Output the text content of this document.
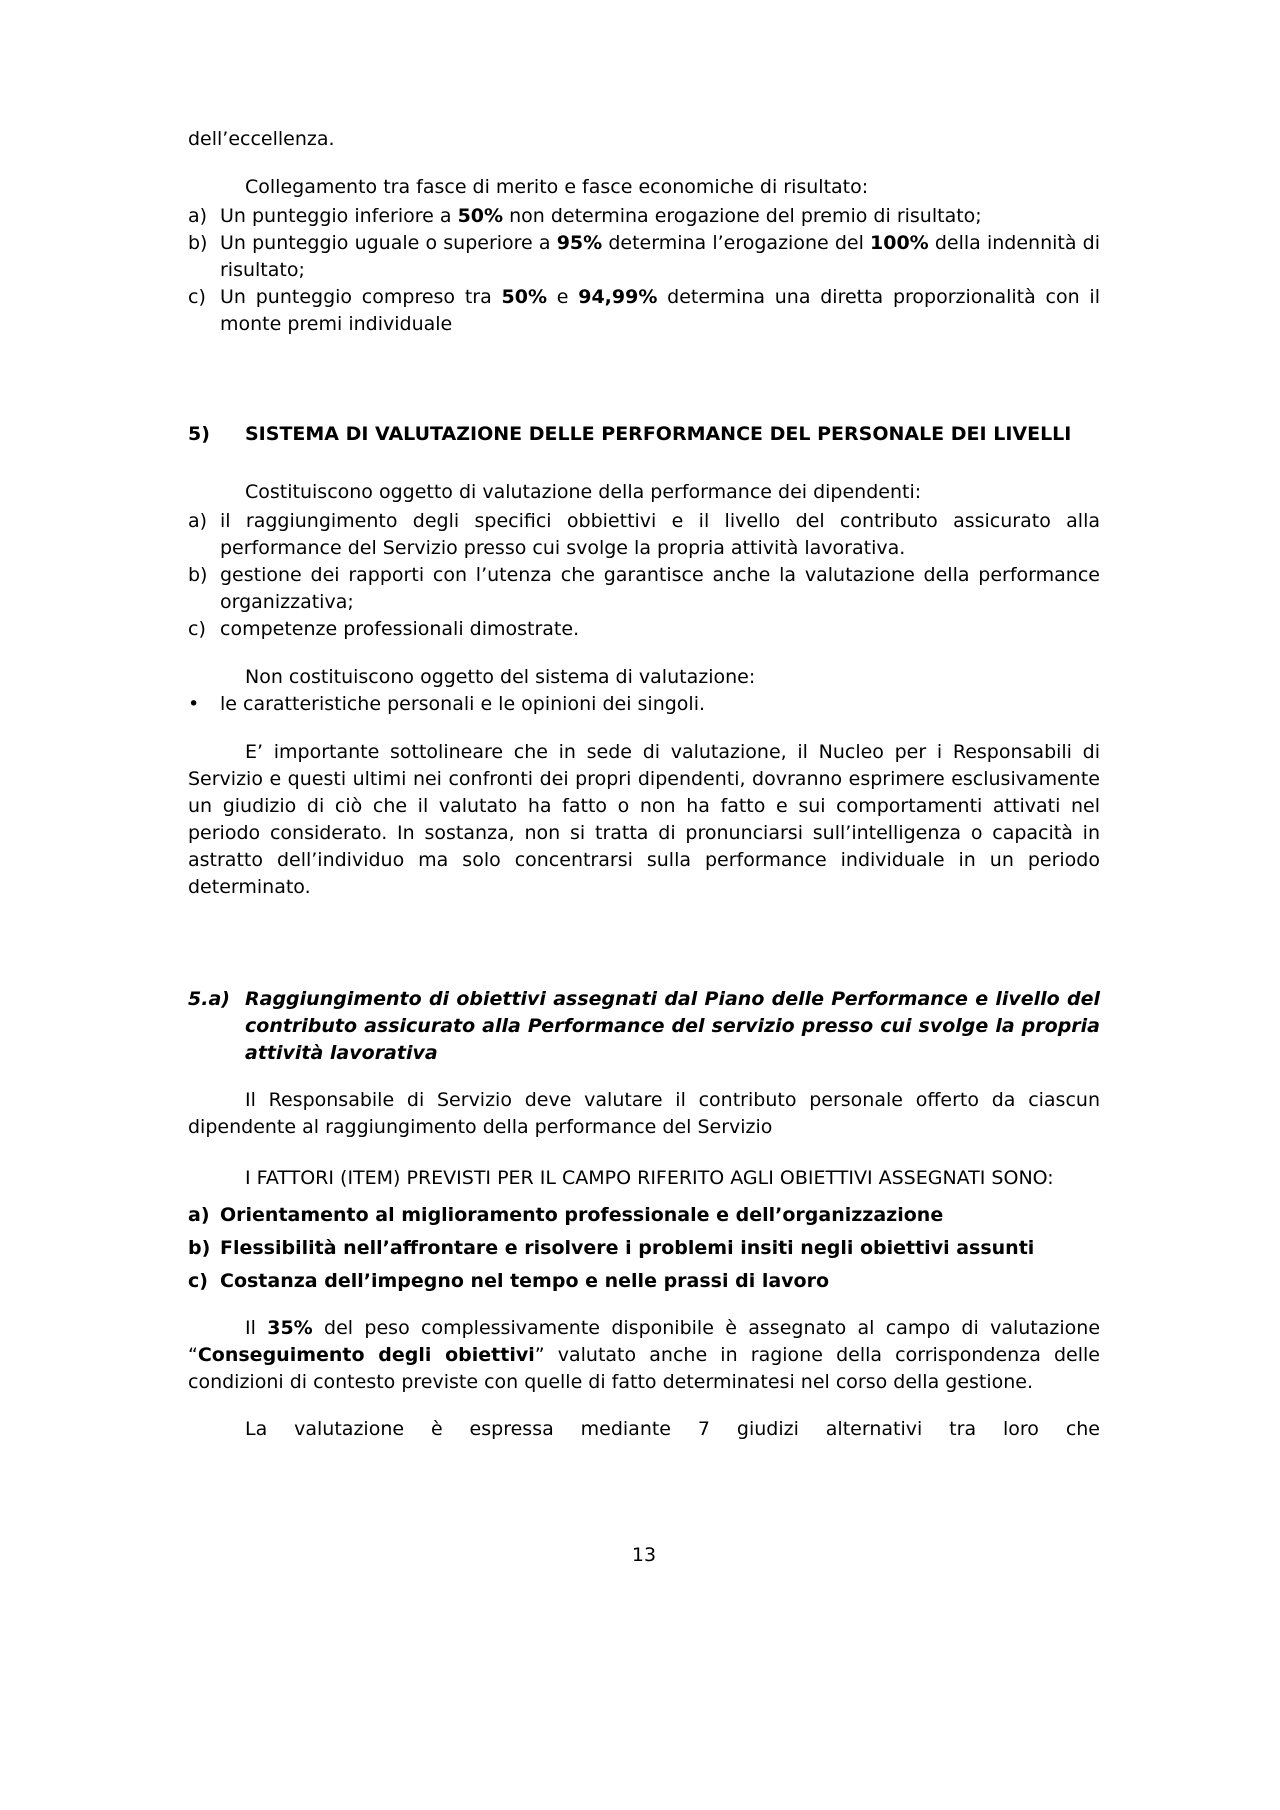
dell’eccellenza.

Collegamento tra fasce di merito e fasce economiche di risultato:

a) Un punteggio inferiore a 50% non determina erogazione del premio di risultato;
b) Un punteggio uguale o superiore a 95% determina l’erogazione del 100% della indennità di risultato;
c) Un punteggio compreso tra 50% e 94,99% determina una diretta proporzionalità con il monte premi individuale
5)	SISTEMA DI VALUTAZIONE DELLE PERFORMANCE DEL PERSONALE DEI LIVELLI

Costituiscono oggetto di valutazione della performance dei dipendenti:

a) il raggiungimento degli specifici obbiettivi e il livello del contributo assicurato alla performance del Servizio presso cui svolge la propria attività lavorativa.
b) gestione dei rapporti con l’utenza che garantisce anche la valutazione della performance organizzativa;
c) competenze professionali dimostrate.

Non costituiscono oggetto del sistema di valutazione:

•	le caratteristiche personali e le opinioni dei singoli.

E’ importante sottolineare che in sede di valutazione, il Nucleo per i Responsabili di Servizio e questi ultimi nei confronti dei propri dipendenti, dovranno esprimere esclusivamente un giudizio di ciò che il valutato ha fatto o non ha fatto e sui comportamenti attivati nel periodo considerato. In sostanza, non si tratta di pronunciarsi sull’intelligenza o capacità in astratto dell’individuo ma solo concentrarsi sulla performance individuale in un periodo determinato.

5.a) Raggiungimento di obiettivi assegnati dal Piano delle Performance e livello del contributo assicurato alla Performance del servizio presso cui svolge la propria attività lavorativa

Il Responsabile di Servizio deve valutare il contributo personale offerto da ciascun dipendente al raggiungimento della performance del Servizio

I FATTORI (ITEM) PREVISTI PER IL CAMPO RIFERITO AGLI OBIETTIVI ASSEGNATI SONO:

a) Orientamento al miglioramento professionale e dell’organizzazione
b) Flessibilità nell’affrontare e risolvere i problemi insiti negli obiettivi assunti
c) Costanza dell’impegno nel tempo e nelle prassi di lavoro

Il 35% del peso complessivamente disponibile è assegnato al campo di valutazione “Conseguimento degli obiettivi” valutato anche in ragione della corrispondenza delle condizioni di contesto previste con quelle di fatto determinatesi nel corso della gestione.

La valutazione è espressa mediante 7 giudizi alternativi tra loro che

13
